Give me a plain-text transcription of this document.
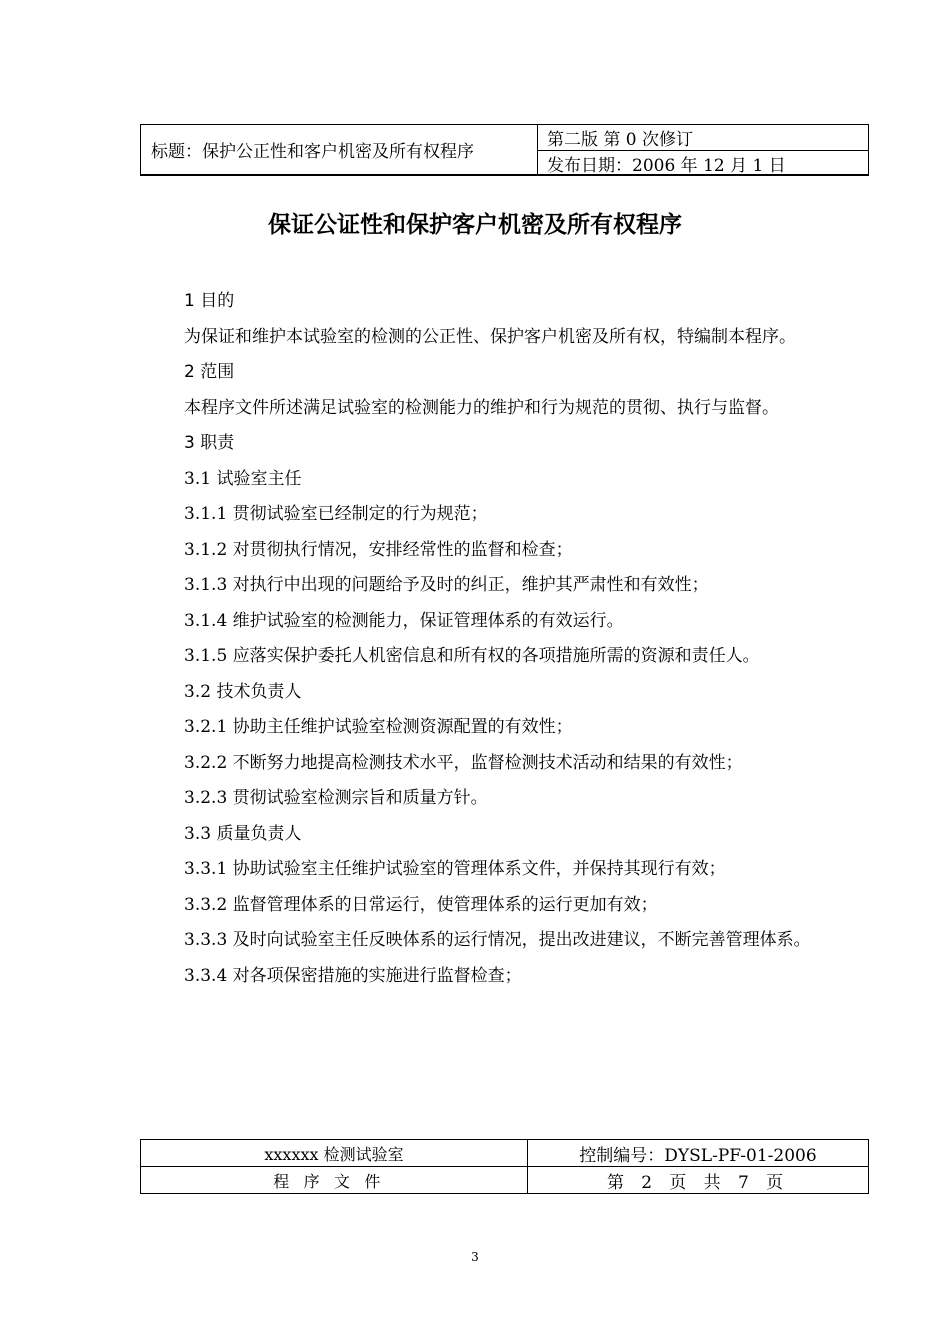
标题：保护公正性和客户机密及所有权程序
第二版 第 0 次修订
发布日期：2006 年 12 月 1 日
保证公证性和保护客户机密及所有权程序
1 目的
为保证和维护本试验室的检测的公正性、保护客户机密及所有权，特编制本程序。
2 范围
本程序文件所述满足试验室的检测能力的维护和行为规范的贯彻、执行与监督。
3 职责
3.1 试验室主任
3.1.1 贯彻试验室已经制定的行为规范；
3.1.2 对贯彻执行情况，安排经常性的监督和检查；
3.1.3 对执行中出现的问题给予及时的纠正，维护其严肃性和有效性；
3.1.4 维护试验室的检测能力，保证管理体系的有效运行。
3.1.5 应落实保护委托人机密信息和所有权的各项措施所需的资源和责任人。
3.2 技术负责人
3.2.1 协助主任维护试验室检测资源配置的有效性；
3.2.2 不断努力地提高检测技术水平，监督检测技术活动和结果的有效性；
3.2.3 贯彻试验室检测宗旨和质量方针。
3.3 质量负责人
3.3.1 协助试验室主任维护试验室的管理体系文件，并保持其现行有效；
3.3.2 监督管理体系的日常运行，使管理体系的运行更加有效；
3.3.3 及时向试验室主任反映体系的运行情况，提出改进建议，不断完善管理体系。
3.3.4 对各项保密措施的实施进行监督检查；
xxxxxx 检测试验室	控制编号：DYSL-PF-01-2006
程序文件	第 2 页 共 7 页
3
